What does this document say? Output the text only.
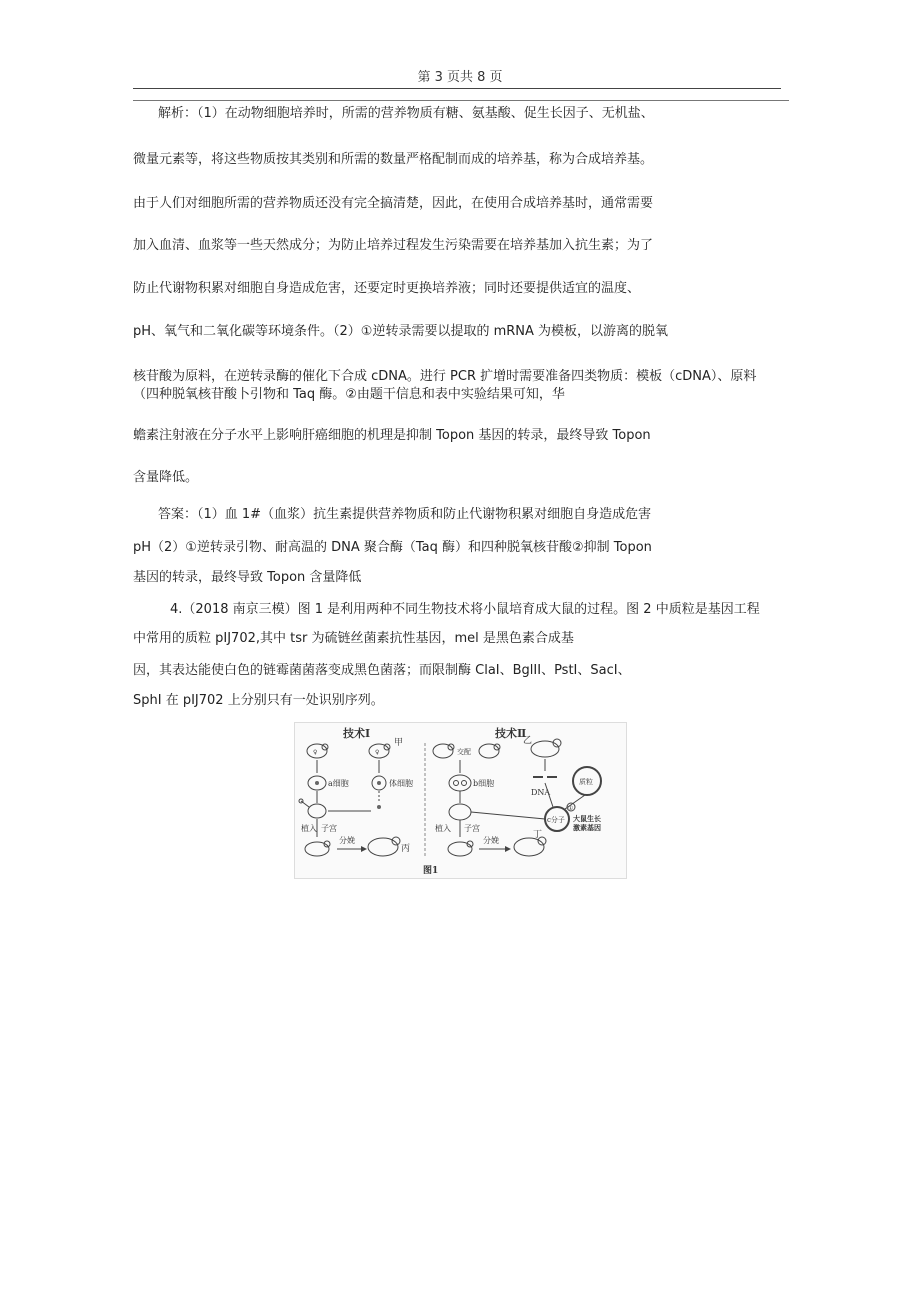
第 3 页共 8 页
解析：（1）在动物细胞培养时，所需的营养物质有糖、氨基酸、促生长因子、无机盐、
微量元素等，将这些物质按其类别和所需的数量严格配制而成的培养基，称为合成培养基。
由于人们对细胞所需的营养物质还没有完全搞清楚，因此，在使用合成培养基时，通常需要
加入血清、血浆等一些天然成分；为防止培养过程发生污染需要在培养基加入抗生素；为了
防止代谢物积累对细胞自身造成危害，还要定时更换培养液；同时还要提供适宜的温度、
pH、氧气和二氧化碳等环境条件。（2）①逆转录需要以提取的 mRNA 为模板，以游离的脱氧
核苷酸为原料，在逆转录酶的催化下合成 cDNA。进行 PCR 扩增时需要准备四类物质：模板（cDNA）、原料（四种脱氧核苷酸卜引物和 Taq 酶。②由题干信息和表中实验结果可知，华
蟾素注射液在分子水平上影响肝癌细胞的机理是抑制 Topon 基因的转录，最终导致 Topon
含量降低。
答案：（1）血 1#（血浆）抗生素提供营养物质和防止代谢物积累对细胞自身造成危害
pH（2）①逆转录引物、耐高温的 DNA 聚合酶（Taq 酶）和四种脱氧核苷酸②抑制 Topon
基因的转录，最终导致 Topon 含量降低
4.（2018 南京三模）图 1 是利用两种不同生物技术将小鼠培育成大鼠的过程。图 2 中质粒是基因工程
中常用的质粒 pIJ702,其中 tsr 为硫链丝菌素抗性基因，mel 是黑色素合成基
因，其表达能使白色的链霉菌菌落变成黑色菌落；而限制酶 ClaI、BglII、PstI、SacI、
SphI 在 pIJ702 上分别只有一处识别序列。
技术Ⅰ	技术Ⅱ
♀	♀
甲
a细胞	体细胞
植入 子宫
分娩
丙
交配
乙
b细胞
DNA
质粒
c分子
①
大鼠生长
激素基因
植入 子宫
分娩
丁
图1
